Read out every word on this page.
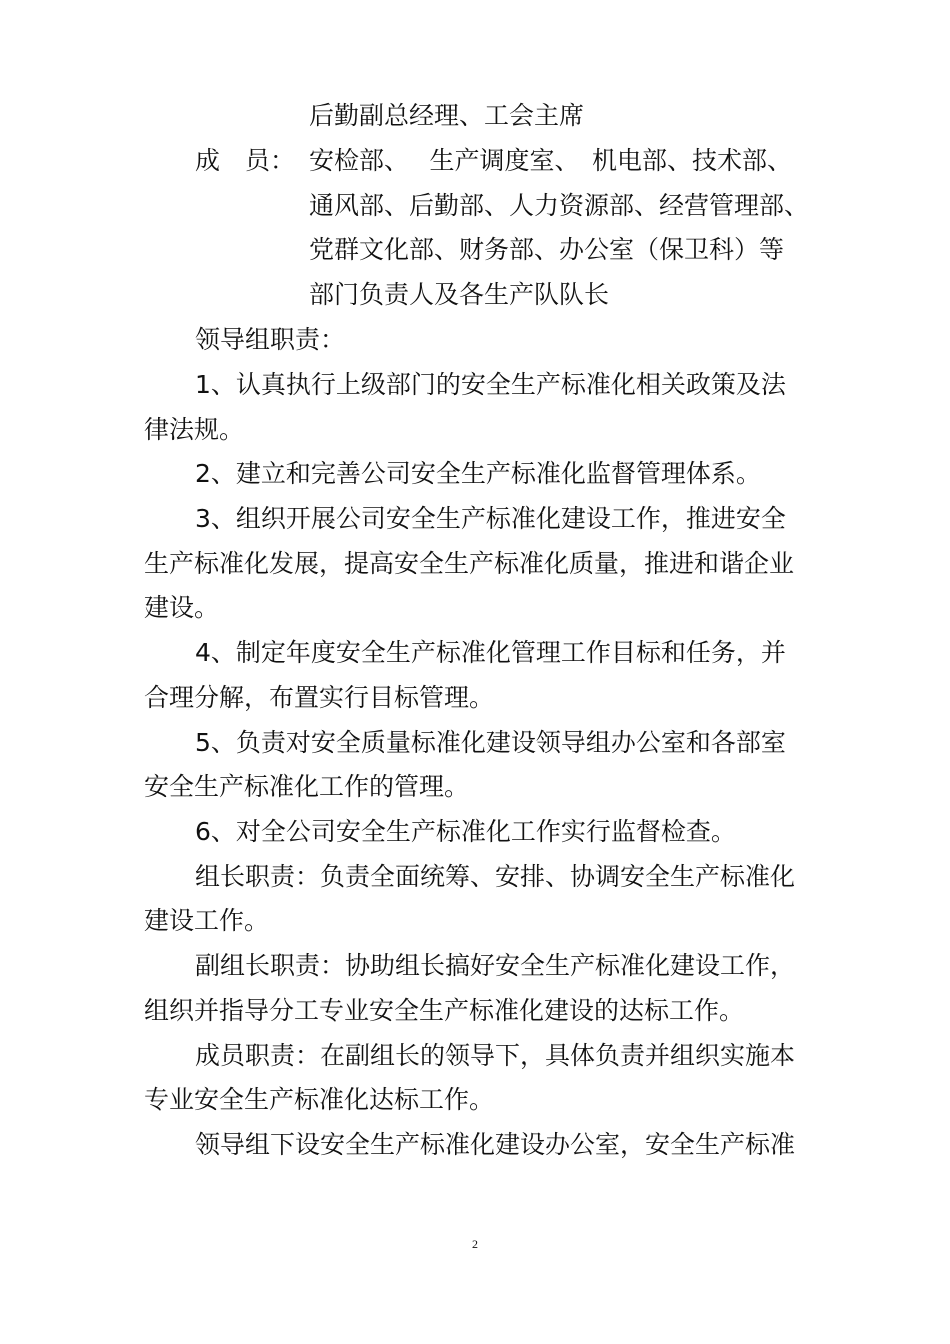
后勤副总经理、工会主席
成　员： 安检部、　 生产调度室、　机电部、技术部、
通风部、后勤部、人力资源部、经营管理部、
党群文化部、财务部、办公室（保卫科）等
部门负责人及各生产队队长
领导组职责：
1、认真执行上级部门的安全生产标准化相关政策及法
律法规。
2、建立和完善公司安全生产标准化监督管理体系。
3、组织开展公司安全生产标准化建设工作，推进安全
生产标准化发展，提高安全生产标准化质量，推进和谐企业
建设。
4、制定年度安全生产标准化管理工作目标和任务，并
合理分解，布置实行目标管理。
5、负责对安全质量标准化建设领导组办公室和各部室
安全生产标准化工作的管理。
6、对全公司安全生产标准化工作实行监督检查。
组长职责：负责全面统筹、安排、协调安全生产标准化
建设工作。
副组长职责：协助组长搞好安全生产标准化建设工作，
组织并指导分工专业安全生产标准化建设的达标工作。
成员职责：在副组长的领导下，具体负责并组织实施本
专业安全生产标准化达标工作。
领导组下设安全生产标准化建设办公室，安全生产标准
2
